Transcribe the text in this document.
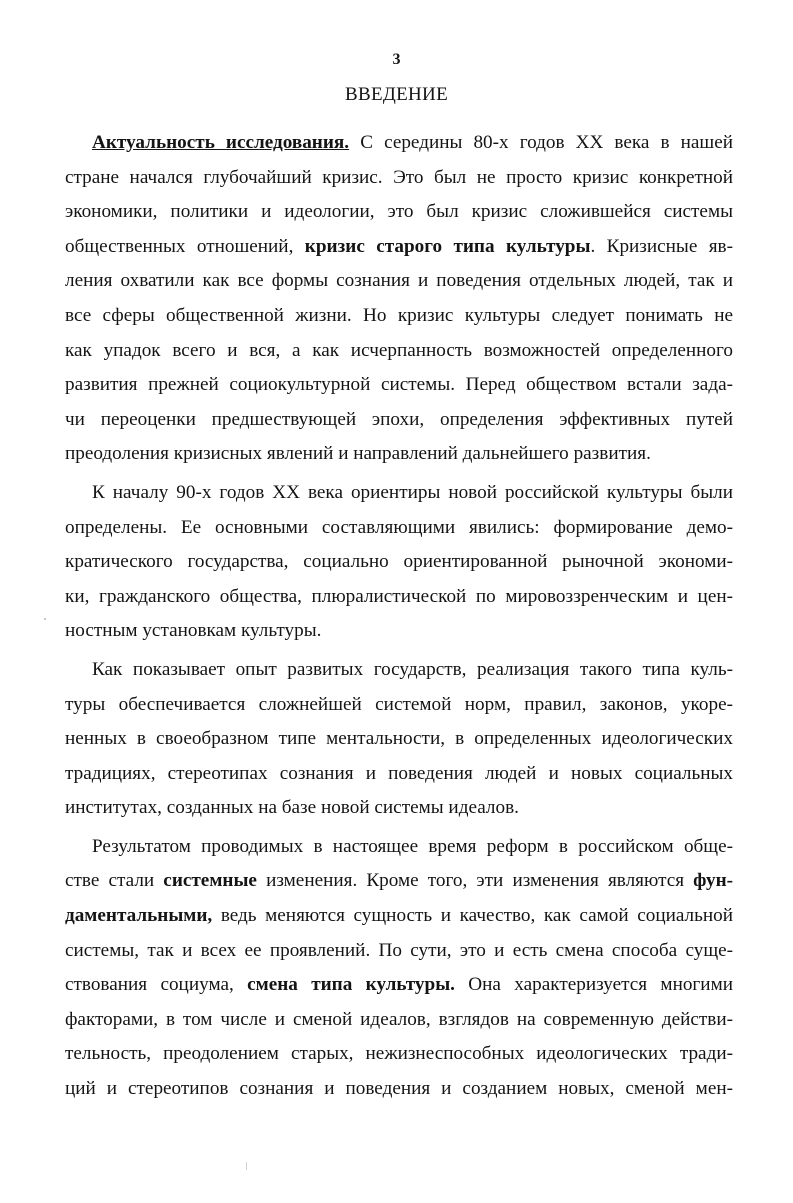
3
ВВЕДЕНИЕ
Актуальность исследования. С середины 80-х годов XX века в нашей
стране начался глубочайший кризис. Это был не просто кризис конкретной
экономики, политики и идеологии, это был кризис сложившейся системы
общественных отношений, кризис старого типа культуры. Кризисные яв-
ления охватили как все формы сознания и поведения отдельных людей, так и
все сферы общественной жизни. Но кризис культуры следует понимать не
как упадок всего и вся, а как исчерпанность возможностей определенного
развития прежней социокультурной системы. Перед обществом встали зада-
чи переоценки предшествующей эпохи, определения эффективных путей
преодоления кризисных явлений и направлений дальнейшего развития.
К началу 90-х годов XX века ориентиры новой российской культуры были
определены. Ее основными составляющими явились: формирование демо-
кратического государства, социально ориентированной рыночной экономи-
ки, гражданского общества, плюралистической по мировоззренческим и цен-
ностным установкам культуры.
Как показывает опыт развитых государств, реализация такого типа куль-
туры обеспечивается сложнейшей системой норм, правил, законов, укоре-
ненных в своеобразном типе ментальности, в определенных идеологических
традициях, стереотипах сознания и поведения людей и новых социальных
институтах, созданных на базе новой системы идеалов.
Результатом проводимых в настоящее время реформ в российском обще-
стве стали системные изменения. Кроме того, эти изменения являются фун-
даментальными, ведь меняются сущность и качество, как самой социальной
системы, так и всех ее проявлений. По сути, это и есть смена способа суще-
ствования социума, смена типа культуры. Она характеризуется многими
факторами, в том числе и сменой идеалов, взглядов на современную действи-
тельность, преодолением старых, нежизнеспособных идеологических тради-
ций и стереотипов сознания и поведения и созданием новых, сменой мен-
